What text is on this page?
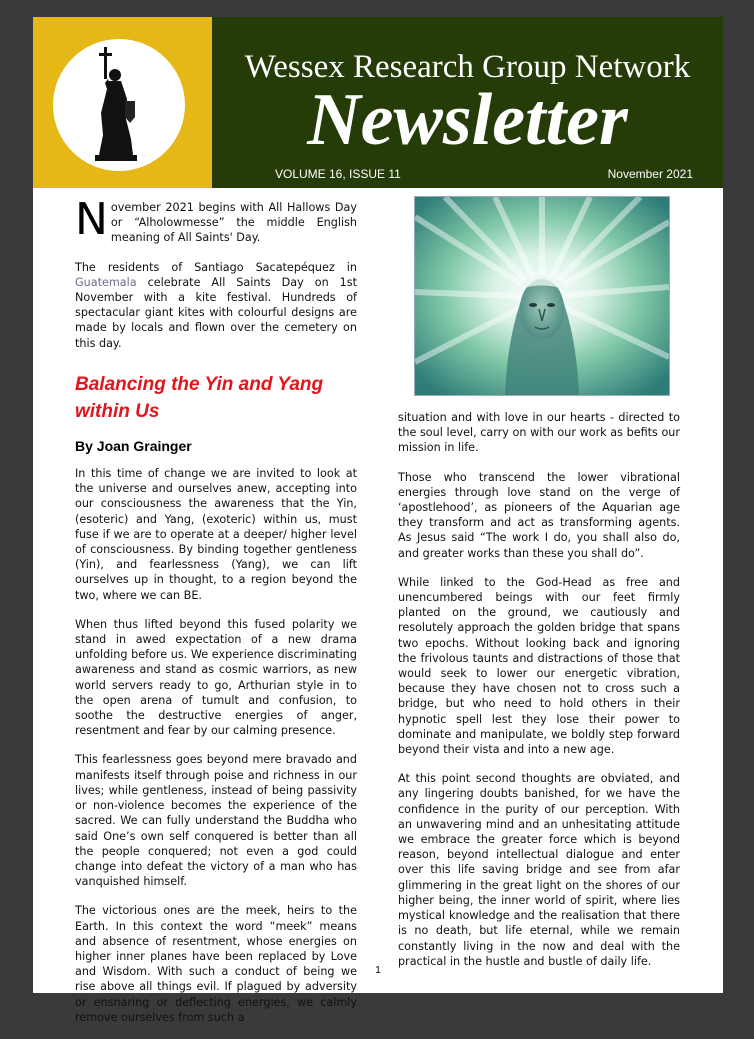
Wessex Research Group Network
Newsletter
VOLUME 16, ISSUE 11	November 2021

November 2021 begins with All Hallows Day or “Alholowmesse” the middle English meaning of All Saints' Day.

The residents of Santiago Sacatepéquez in Guatemala celebrate All Saints Day on 1st November with a kite festival. Hundreds of spectacular giant kites with colourful designs are made by locals and flown over the cemetery on this day.

Balancing the Yin and Yang within Us
By Joan Grainger

In this time of change we are invited to look at the universe and ourselves anew, accepting into our consciousness the awareness that the Yin, (esoteric) and Yang, (exoteric) within us, must fuse if we are to operate at a deeper/ higher level of consciousness. By binding together gentleness (Yin), and fearlessness (Yang), we can lift ourselves up in thought, to a region beyond the two, where we can BE.

When thus lifted beyond this fused polarity we stand in awed expectation of a new drama unfolding before us. We experience discriminating awareness and stand as cosmic warriors, as new world servers ready to go, Arthurian style in to the open arena of tumult and confusion, to soothe the destructive energies of anger, resentment and fear by our calming presence.

This fearlessness goes beyond mere bravado and manifests itself through poise and richness in our lives; while gentleness, instead of being passivity or non-violence becomes the experience of the sacred. We can fully understand the Buddha who said One’s own self conquered is better than all the people conquered; not even a god could change into defeat the victory of a man who has vanquished himself.

The victorious ones are the meek, heirs to the Earth. In this context the word “meek” means and absence of resentment, whose energies on higher inner planes have been replaced by Love and Wisdom. With such a conduct of being we rise above all things evil. If plagued by adversity or ensnaring or deflecting energies, we calmly remove ourselves from such a

situation and with love in our hearts - directed to the soul level, carry on with our work as befits our mission in life.

Those who transcend the lower vibrational energies through love stand on the verge of ‘apostlehood’, as pioneers of the Aquarian age they transform and act as transforming agents. As Jesus said “The work I do, you shall also do, and greater works than these you shall do”.

While linked to the God-Head as free and unencumbered beings with our feet firmly planted on the ground, we cautiously and resolutely approach the golden bridge that spans two epochs. Without looking back and ignoring the frivolous taunts and distractions of those that would seek to lower our energetic vibration, because they have chosen not to cross such a bridge, but who need to hold others in their hypnotic spell lest they lose their power to dominate and manipulate, we boldly step forward beyond their vista and into a new age.

At this point second thoughts are obviated, and any lingering doubts banished, for we have the confidence in the purity of our perception. With an unwavering mind and an unhesitating attitude we embrace the greater force which is beyond reason, beyond intellectual dialogue and enter over this life saving bridge and see from afar glimmering in the great light on the shores of our higher being, the inner world of spirit, where lies mystical knowledge and the realisation that there is no death, but life eternal, while we remain constantly living in the now and deal with the practical in the hustle and bustle of daily life.

1
